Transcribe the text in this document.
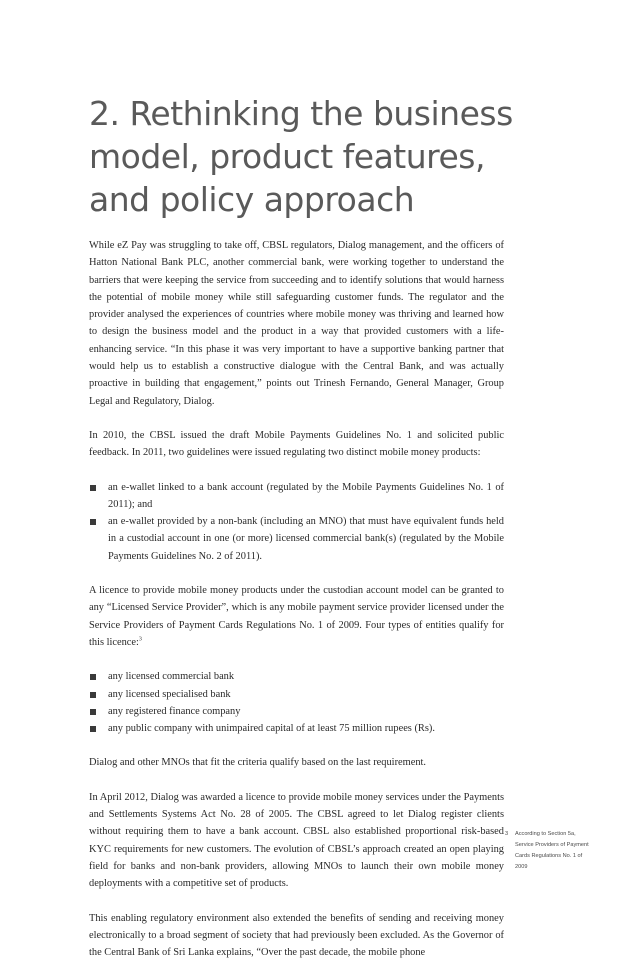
2. Rethinking the business model, product features, and policy approach

While eZ Pay was struggling to take off, CBSL regulators, Dialog management, and the officers of Hatton National Bank PLC, another commercial bank, were working together to understand the barriers that were keeping the service from succeeding and to identify solutions that would harness the potential of mobile money while still safeguarding customer funds. The regulator and the provider analysed the experiences of countries where mobile money was thriving and learned how to design the business model and the product in a way that provided customers with a life-enhancing service. “In this phase it was very important to have a supportive banking partner that would help us to establish a constructive dialogue with the Central Bank, and was actually proactive in building that engagement,” points out Trinesh Fernando, General Manager, Group Legal and Regulatory, Dialog.

In 2010, the CBSL issued the draft Mobile Payments Guidelines No. 1 and solicited public feedback. In 2011, two guidelines were issued regulating two distinct mobile money products:

an e-wallet linked to a bank account (regulated by the Mobile Payments Guidelines No. 1 of 2011); and
an e-wallet provided by a non-bank (including an MNO) that must have equivalent funds held in a custodial account in one (or more) licensed commercial bank(s) (regulated by the Mobile Payments Guidelines No. 2 of 2011).

A licence to provide mobile money products under the custodian account model can be granted to any “Licensed Service Provider”, which is any mobile payment service provider licensed under the Service Providers of Payment Cards Regulations No. 1 of 2009. Four types of entities qualify for this licence:$^3$

any licensed commercial bank
any licensed specialised bank
any registered finance company
any public company with unimpaired capital of at least 75 million rupees (Rs).

Dialog and other MNOs that fit the criteria qualify based on the last requirement.

In April 2012, Dialog was awarded a licence to provide mobile money services under the Payments and Settlements Systems Act No. 28 of 2005. The CBSL agreed to let Dialog register clients without requiring them to have a bank account. CBSL also established proportional risk-based KYC requirements for new customers. The evolution of CBSL’s approach created an open playing field for banks and non-bank providers, allowing MNOs to launch their own mobile money deployments with a competitive set of products.

This enabling regulatory environment also extended the benefits of sending and receiving money electronically to a broad segment of society that had previously been excluded. As the Governor of the Central Bank of Sri Lanka explains, “Over the past decade, the mobile phone

3 According to Section 5a, Service Providers of Payment Cards Regulations No. 1 of 2009
